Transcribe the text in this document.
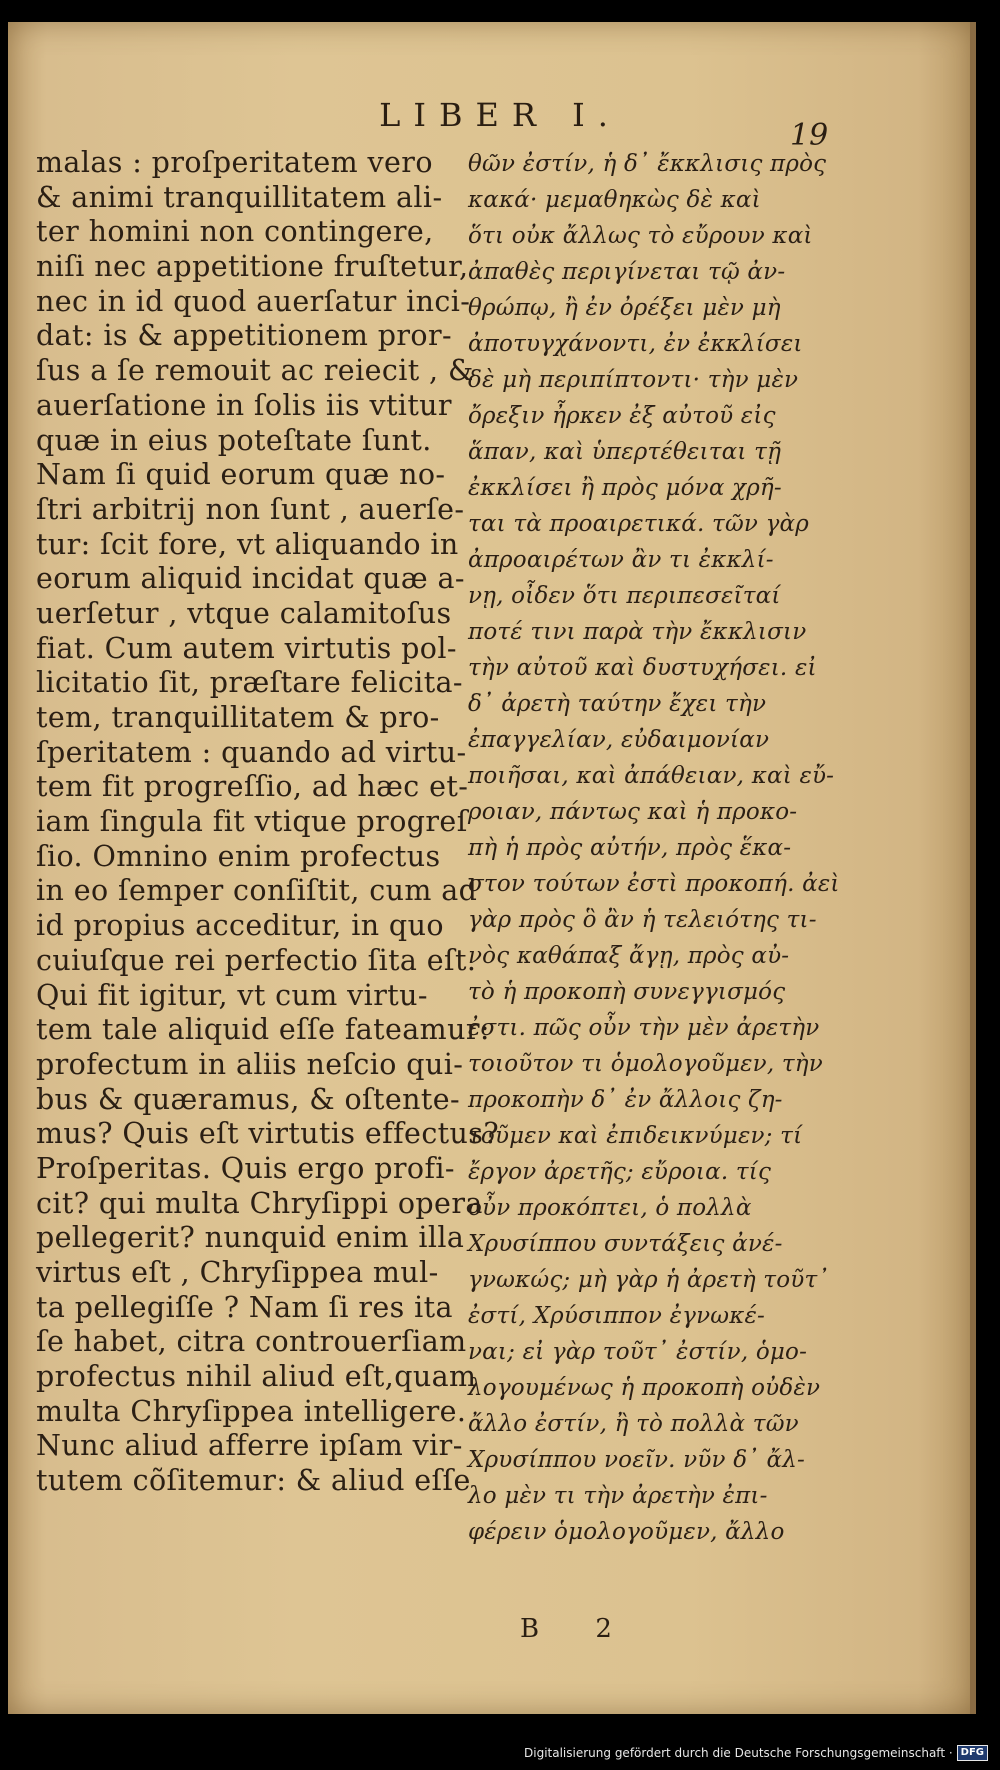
LIBER I.
19
malas : proſperitatem vero
& animi tranquillitatem ali-
ter homini non contingere,
niſi nec appetitione fruſtetur,
nec in id quod auerſatur inci-
dat: is & appetitionem pror-
ſus a ſe remouit ac reiecit , &
auerſatione in ſolis iis vtitur
quæ in eius poteſtate ſunt.
Nam ſi quid eorum quæ no-
ſtri arbitrij non ſunt , auerſe-
tur: ſcit fore, vt aliquando in
eorum aliquid incidat quæ a-
uerſetur , vtque calamitoſus
fiat. Cum autem virtutis pol-
licitatio ſit, præſtare felicita-
tem, tranquillitatem & pro-
ſperitatem : quando ad virtu-
tem fit progreſſio, ad hæc et-
iam ſingula fit vtique progreſ
ſio. Omnino enim profectus
in eo ſemper conſiſtit, cum ad
id propius acceditur, in quo
cuiuſque rei perfectio ſita eſt.
Qui fit igitur, vt cum virtu-
tem tale aliquid eſſe fateamur:
profectum in aliis neſcio qui-
bus & quæramus, & oſtente-
mus? Quis eſt virtutis effectus?
Proſperitas. Quis ergo profi-
cit? qui multa Chryſippi opera
pellegerit? nunquid enim illa
virtus eſt , Chryſippea mul-
ta pellegiſſe ? Nam ſi res ita
ſe habet, citra controuerſiam
profectus nihil aliud eſt,quam
multa Chryſippea intelligere.
Nunc aliud afferre ipſam vir-
tutem cõſitemur: & aliud eſſe
θῶν ἐστίν, ἡ δ᾽ ἔκκλισις πρὸς
κακά· μεμαθηκὼς δὲ καὶ
ὅτι οὐκ ἄλλως τὸ εὔρουν καὶ
ἀπαθὲς περιγίνεται τῷ ἀν-
θρώπῳ, ἢ ἐν ὀρέξει μὲν μὴ
ἀποτυγχάνοντι, ἐν ἐκκλίσει
δὲ μὴ περιπίπτοντι· τὴν μὲν
ὄρεξιν ἦρκεν ἐξ αὐτοῦ εἰς
ἅπαν, καὶ ὑπερτέθειται τῇ
ἐκκλίσει ἢ πρὸς μόνα χρῆ-
ται τὰ προαιρετικά. τῶν γὰρ
ἀπροαιρέτων ἂν τι ἐκκλί-
νῃ, οἶδεν ὅτι περιπεσεῖταί
ποτέ τινι παρὰ τὴν ἔκκλισιν
τὴν αὐτοῦ καὶ δυστυχήσει. εἰ
δ᾽ ἀρετὴ ταύτην ἔχει τὴν
ἐπαγγελίαν, εὐδαιμονίαν
ποιῆσαι, καὶ ἀπάθειαν, καὶ εὔ-
ροιαν, πάντως καὶ ἡ προκο-
πὴ ἡ πρὸς αὐτήν, πρὸς ἕκα-
στον τούτων ἐστὶ προκοπή. ἀεὶ
γὰρ πρὸς ὃ ἂν ἡ τελειότης τι-
νὸς καθάπαξ ἄγῃ, πρὸς αὐ-
τὸ ἡ προκοπὴ συνεγγισμός
ἐστι. πῶς οὖν τὴν μὲν ἀρετὴν
τοιοῦτον τι ὁμολογοῦμεν, τὴν
προκοπὴν δ᾽ ἐν ἄλλοις ζη-
τοῦμεν καὶ ἐπιδεικνύμεν; τί
ἔργον ἀρετῆς; εὔροια. τίς
οὖν προκόπτει, ὁ πολλὰ
Χρυσίππου συντάξεις ἀνέ-
γνωκώς; μὴ γὰρ ἡ ἀρετὴ τοῦτ᾽
ἐστί, Χρύσιππον ἐγνωκέ-
ναι; εἰ γὰρ τοῦτ᾽ ἐστίν, ὁμο-
λογουμένως ἡ προκοπὴ οὐδὲν
ἄλλο ἐστίν, ἢ τὸ πολλὰ τῶν
Χρυσίππου νοεῖν. νῦν δ᾽ ἄλ-
λο μὲν τι τὴν ἀρετὴν ἐπι-
φέρειν ὁμολογοῦμεν, ἄλλο
B 2
Digitalisierung gefördert durch die Deutsche Forschungsgemeinschaft · DFG
